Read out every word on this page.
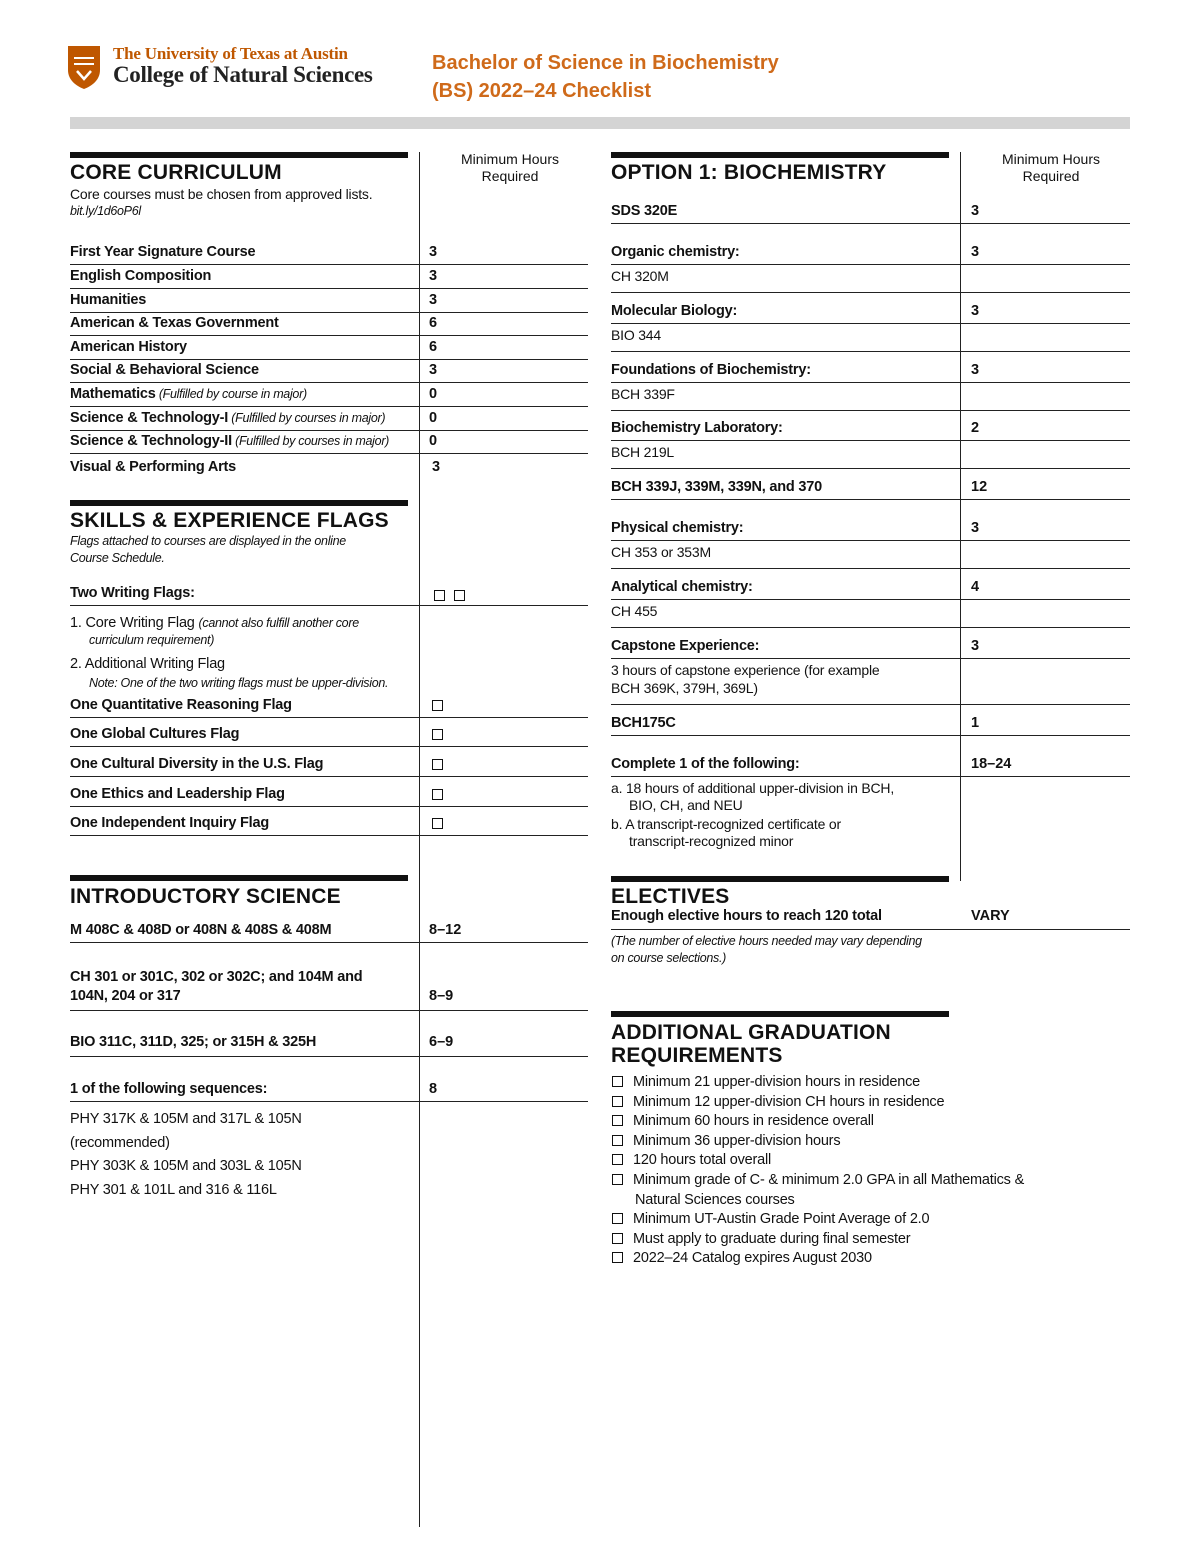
The University of Texas at Austin
College of Natural Sciences	Bachelor of Science in Biochemistry
(BS) 2022–24 Checklist
CORE CURRICULUM
Minimum Hours
Required
Core courses must be chosen from approved lists.
bit.ly/1d6oP6l
First Year Signature Course	3
English Composition	3
Humanities	3
American & Texas Government	6
American History	6
Social & Behavioral Science	3
Mathematics (Fulfilled by course in major)	0
Science & Technology-I (Fulfilled by courses in major)	0
Science & Technology-II (Fulfilled by courses in major)	0
Visual & Performing Arts	3
SKILLS & EXPERIENCE FLAGS
Flags attached to courses are displayed in the online
Course Schedule.
Two Writing Flags:

1. Core Writing Flag (cannot also fulfill another core
curriculum requirement)
2. Additional Writing Flag
Note: One of the two writing flags must be upper-division.
One Quantitative Reasoning Flag
One Global Cultures Flag
One Cultural Diversity in the U.S. Flag
One Ethics and Leadership Flag
One Independent Inquiry Flag
INTRODUCTORY SCIENCE
M 408C & 408D or 408N & 408S & 408M	8–12
CH 301 or 301C, 302 or 302C; and 104M and
104N, 204 or 317	8–9
BIO 311C, 311D, 325; or 315H & 325H	6–9
1 of the following sequences:	8
PHY 317K & 105M and 317L & 105N
(recommended)
PHY 303K & 105M and 303L & 105N
PHY 301 & 101L and 316 & 116L
OPTION 1: BIOCHEMISTRY
Minimum Hours
Required
SDS 320E	3
Organic chemistry:	3
CH 320M
Molecular Biology:	3
BIO 344
Foundations of Biochemistry:	3
BCH 339F
Biochemistry Laboratory:	2
BCH 219L
BCH 339J, 339M, 339N, and 370	12
Physical chemistry:	3
CH 353 or 353M
Analytical chemistry:	4
CH 455
Capstone Experience:	3
3 hours of capstone experience (for example
BCH 369K, 379H, 369L)
BCH175C	1
Complete 1 of the following:	18–24
a. 18 hours of additional upper-division in BCH,
BIO, CH, and NEU
b. A transcript-recognized certificate or
transcript-recognized minor
ELECTIVES
Enough elective hours to reach 120 total	VARY
(The number of elective hours needed may vary depending
on course selections.)
ADDITIONAL GRADUATION
REQUIREMENTS
Minimum 21 upper-division hours in residence
Minimum 12 upper-division CH hours in residence
Minimum 60 hours in residence overall
Minimum 36 upper-division hours
120 hours total overall
Minimum grade of C- & minimum 2.0 GPA in all Mathematics &
Natural Sciences courses
Minimum UT-Austin Grade Point Average of 2.0
Must apply to graduate during final semester
2022–24 Catalog expires August 2030
